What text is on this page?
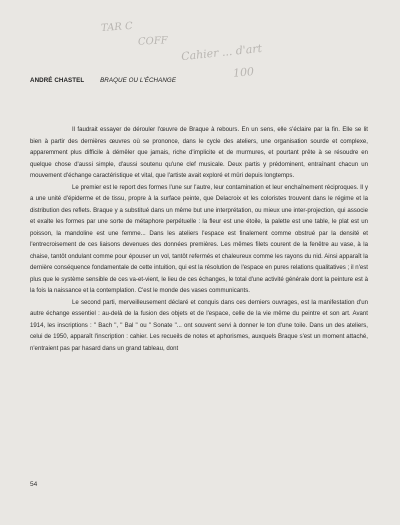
TAR C
COFF
Cahier ... d'art
100
ANDRÉ CHASTEL	BRAQUE OU L'ÉCHANGE

Il faudrait essayer de dérouler l'œuvre de Braque à rebours. En un sens, elle s'éclaire par la fin. Elle se lit bien à partir des dernières œuvres où se prononce, dans le cycle des ateliers, une organisation sourde et complexe, apparemment plus difficile à démêler que jamais, riche d'implicite et de murmures, et pourtant prête à se résoudre en quelque chose d'aussi simple, d'aussi soutenu qu'une clef musicale. Deux partis y prédominent, entraînant chacun un mouvement d'échange caractéristique et vital, que l'artiste avait exploré et mûri depuis longtemps.

Le premier est le report des formes l'une sur l'autre, leur contamination et leur enchaînement réciproques. Il y a une unité d'épiderme et de tissu, propre à la surface peinte, que Delacroix et les coloristes trouvent dans le régime et la distribution des reflets. Braque y a substitué dans un même but une interprétation, ou mieux une inter-projection, qui associe et exalte les formes par une sorte de métaphore perpétuelle : la fleur est une étoile, la palette est une table, le plat est un poisson, la mandoline est une femme... Dans les ateliers l'espace est finalement comme obstrué par la densité et l'entrecroisement de ces liaisons devenues des données premières. Les mêmes filets courent de la fenêtre au vase, à la chaise, tantôt ondulant comme pour épouser un vol, tantôt refermés et chaleureux comme les rayons du nid. Ainsi apparaît la dernière conséquence fondamentale de cette intuition, qui est la résolution de l'espace en pures relations qualitatives ; il n'est plus que le système sensible de ces va-et-vient, le lieu de ces échanges, le total d'une activité générale dont la peinture est à la fois la naissance et la contemplation. C'est le monde des vases communicants.

Le second parti, merveilleusement déclaré et conquis dans ces derniers ouvrages, est la manifestation d'un autre échange essentiel : au-delà de la fusion des objets et de l'espace, celle de la vie même du peintre et son art. Avant 1914, les inscriptions : " Bach ", " Bal " ou " Sonate "... ont souvent servi à donner le ton d'une toile. Dans un des ateliers, celui de 1950, apparaît l'inscription : cahier. Les recueils de notes et aphorismes, auxquels Braque s'est un moment attaché, n'entraient pas par hasard dans un grand tableau, dont

54
